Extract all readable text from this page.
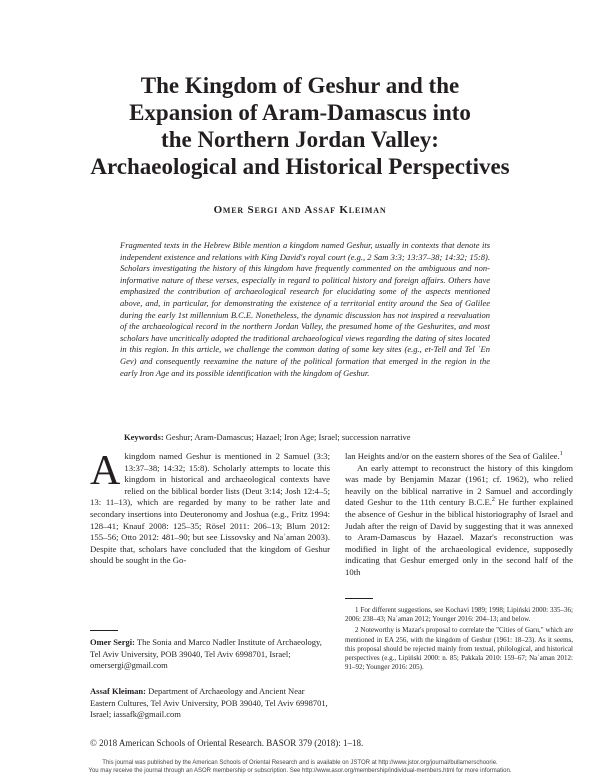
The Kingdom of Geshur and the
Expansion of Aram-Damascus into
the Northern Jordan Valley:
Archaeological and Historical Perspectives
Omer Sergi and Assaf Kleiman

Fragmented texts in the Hebrew Bible mention a kingdom named Geshur, usually in contexts that denote its independent existence and relations with King David's royal court (e.g., 2 Sam 3:3; 13:37–38; 14:32; 15:8). Scholars investigating the history of this kingdom have frequently commented on the ambiguous and non-informative nature of these verses, especially in regard to political history and foreign affairs. Others have emphasized the contribution of archaeological research for elucidating some of the aspects mentioned above, and, in particular, for demonstrating the existence of a territorial entity around the Sea of Galilee during the early 1st millennium B.C.E. Nonetheless, the dynamic discussion has not inspired a reevaluation of the archaeological record in the northern Jordan Valley, the presumed home of the Geshurites, and most scholars have uncritically adopted the traditional archaeological views regarding the dating of sites located in this region. In this article, we challenge the common dating of some key sites (e.g., et-Tell and Tel ʿEn Gev) and consequently reexamine the nature of the political formation that emerged in the region in the early Iron Age and its possible identification with the kingdom of Geshur.

Keywords: Geshur; Aram-Damascus; Hazael; Iron Age; Israel; succession narrative

A kingdom named Geshur is mentioned in 2 Samuel (3:3; 13:37–38; 14:32; 15:8). Scholarly attempts to locate this kingdom in historical and archaeological contexts have relied on the biblical border lists (Deut 3:14; Josh 12:4–5; 13: 11–13), which are regarded by many to be rather late and secondary insertions into Deuteronomy and Joshua (e.g., Fritz 1994: 128–41; Knauf 2008: 125–35; Rösel 2011: 206–13; Blum 2012: 155–56; Otto 2012: 481–90; but see Lissovsky and Naʾaman 2003). Despite that, scholars have concluded that the kingdom of Geshur should be sought in the Go-

lan Heights and/or on the eastern shores of the Sea of Galilee.$^1$

An early attempt to reconstruct the history of this kingdom was made by Benjamin Mazar (1961; cf. 1962), who relied heavily on the biblical narrative in 2 Samuel and accordingly dated Geshur to the 11th century B.C.E.$^2$ He further explained the absence of Geshur in the biblical historiography of Israel and Judah after the reign of David by suggesting that it was annexed to Aram-Damascus by Hazael. Mazar's reconstruction was modified in light of the archaeological evidence, supposedly indicating that Geshur emerged only in the second half of the 10th

Omer Sergi: The Sonia and Marco Nadler Institute of Archaeology, Tel Aviv University, POB 39040, Tel Aviv 6998701, Israel; omersergi@gmail.com

Assaf Kleiman: Department of Archaeology and Ancient Near Eastern Cultures, Tel Aviv University, POB 39040, Tel Aviv 6998701, Israel; iassafk@gmail.com

1 For different suggestions, see Kochavi 1989; 1998; Lipiński 2000: 335–36; 2006: 238–43; Naʾaman 2012; Younger 2016: 204–13; and below.

2 Noteworthy is Mazar's proposal to correlate the "Cities of Garu," which are mentioned in EA 256, with the kingdom of Geshur (1961: 18–23). As it seems, this proposal should be rejected mainly from textual, philological, and historical perspectives (e.g., Lipiński 2000: n. 85; Pakkala 2010: 159–67; Naʾaman 2012: 91–92; Younger 2016: 205).

© 2018 American Schools of Oriental Research. BASOR 379 (2018): 1–18.
This journal was published by the American Schools of Oriental Research and is available on JSTOR at http://www.jstor.org/journal/bullamerschoorie.
You may receive the journal through an ASOR membership or subscription. See http://www.asor.org/membership/individual-members.html for more information.
